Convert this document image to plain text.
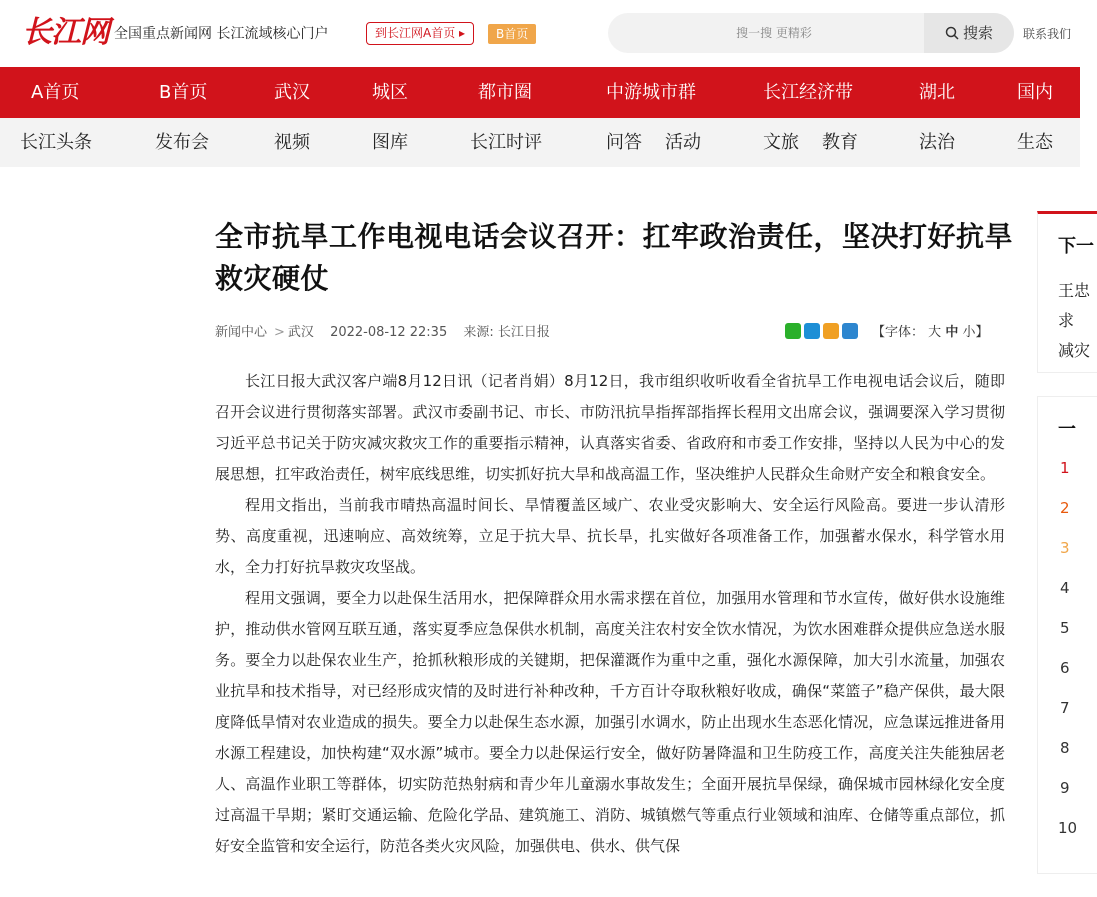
长江网 全国重点新闻网 长江流域核心门户	到长江网A首页 ▸	B首页
搜一搜 更精彩	搜索	联系我们
A首页	B首页	武汉	城区	都市圈	中游城市群	长江经济带	湖北	国内
长江头条	发布会	视频	图库	长江时评	问答 活动	文旅 教育	法治	生态
全市抗旱工作电视电话会议召开：扛牢政治责任，坚决打好抗旱救灾硬仗
新闻中心 > 武汉 2022-08-12 22:35 来源: 长江日报	【字体： 大 中 小】

长江日报大武汉客户端8月12日讯（记者肖娟）8月12日，我市组织收听收看全省抗旱工作电视电话会议后，随即召开会议进行贯彻落实部署。武汉市委副书记、市长、市防汛抗旱指挥部指挥长程用文出席会议，强调要深入学习贯彻习近平总书记关于防灾减灾救灾工作的重要指示精神，认真落实省委、省政府和市委工作安排，坚持以人民为中心的发展思想，扛牢政治责任，树牢底线思维，切实抓好抗大旱和战高温工作，坚决维护人民群众生命财产安全和粮食安全。

程用文指出，当前我市晴热高温时间长、旱情覆盖区域广、农业受灾影响大、安全运行风险高。要进一步认清形势、高度重视，迅速响应、高效统筹，立足于抗大旱、抗长旱，扎实做好各项准备工作，加强蓄水保水，科学管水用水，全力打好抗旱救灾攻坚战。

程用文强调，要全力以赴保生活用水，把保障群众用水需求摆在首位，加强用水管理和节水宣传，做好供水设施维护，推动供水管网互联互通，落实夏季应急保供水机制，高度关注农村安全饮水情况，为饮水困难群众提供应急送水服务。要全力以赴保农业生产，抢抓秋粮形成的关键期，把保灌溉作为重中之重，强化水源保障，加大引水流量，加强农业抗旱和技术指导，对已经形成灾情的及时进行补种改种，千方百计夺取秋粮好收成，确保“菜篮子”稳产保供，最大限度降低旱情对农业造成的损失。要全力以赴保生态水源，加强引水调水，防止出现水生态恶化情况，应急谋远推进备用水源工程建设，加快构建“双水源”城市。要全力以赴保运行安全，做好防暑降温和卫生防疫工作，高度关注失能独居老人、高温作业职工等群体，切实防范热射病和青少年儿童溺水事故发生；全面开展抗旱保绿，确保城市园林绿化安全度过高温干旱期；紧盯交通运输、危险化学品、建筑施工、消防、城镇燃气等重点行业领域和油库、仓储等重点部位，抓好安全监管和安全运行，防范各类火灾风险，加强供电、供水、供气保

下一
王忠
求
减灾
一
1
2
3
4
5
6
7
8
9
10
